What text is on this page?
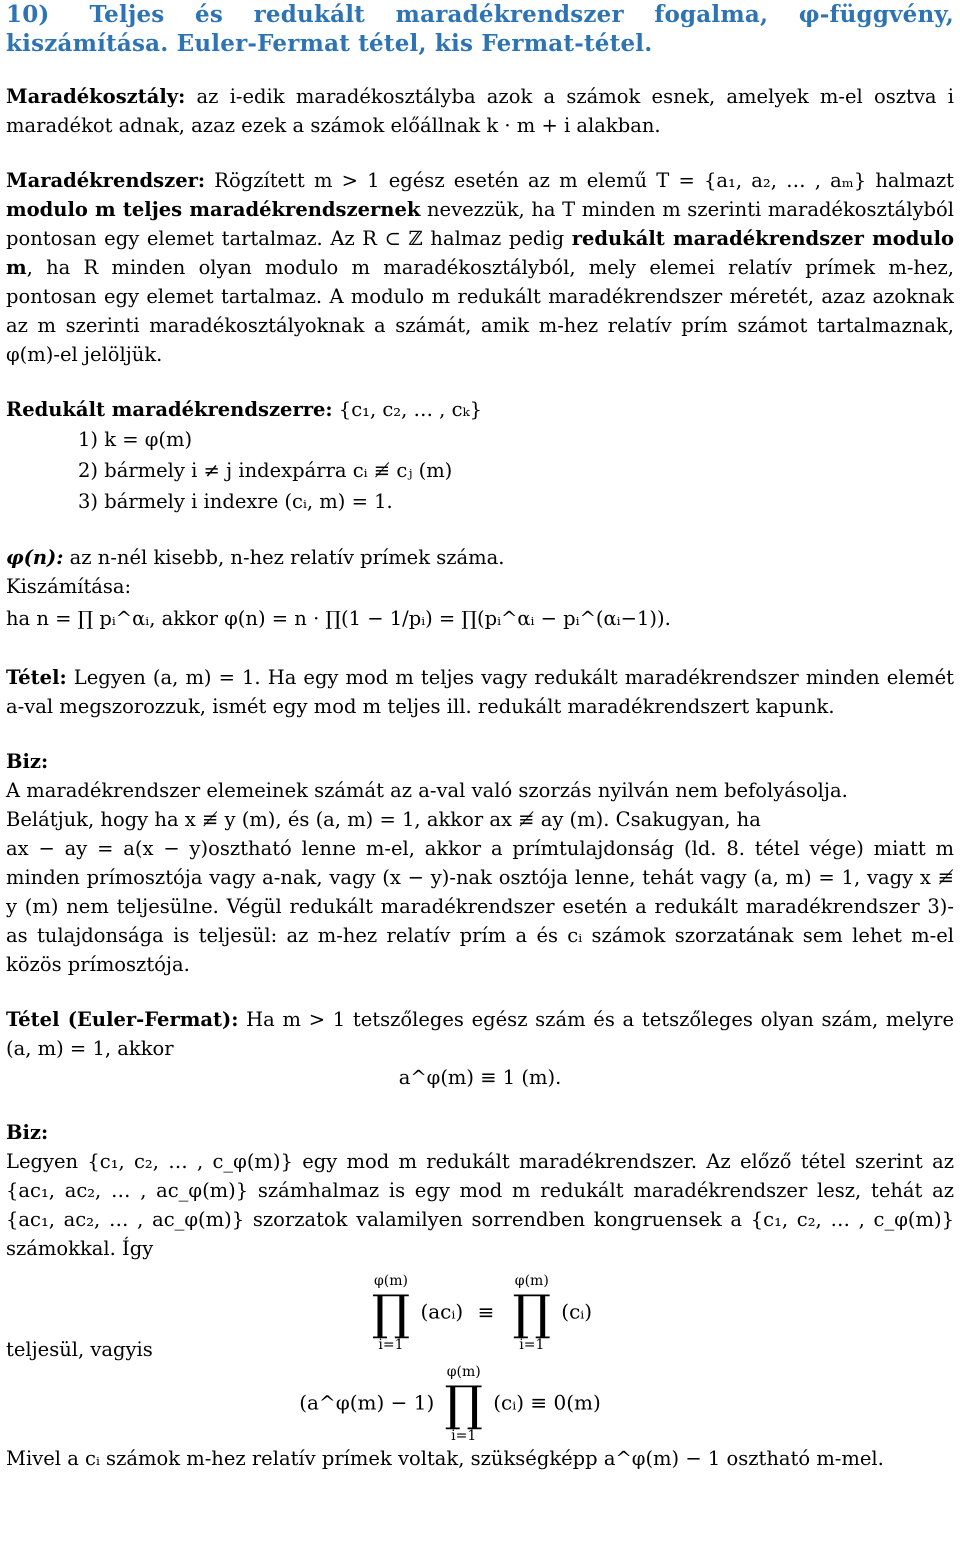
10) Teljes és redukált maradékrendszer fogalma, φ-függvény, kiszámítása. Euler-Fermat tétel, kis Fermat-tétel.

Maradékosztály: az i-edik maradékosztályba azok a számok esnek, amelyek m-el osztva i maradékot adnak, azaz ezek a számok előállnak k · m + i alakban.

Maradékrendszer: Rögzített m > 1 egész esetén az m elemű T = {a₁, a₂, … , aₘ} halmazt modulo m teljes maradékrendszernek nevezzük, ha T minden m szerinti maradékosztályból pontosan egy elemet tartalmaz. Az R ⊂ ℤ halmaz pedig redukált maradékrendszer modulo m, ha R minden olyan modulo m maradékosztályból, mely elemei relatív prímek m-hez, pontosan egy elemet tartalmaz. A modulo m redukált maradékrendszer méretét, azaz azoknak az m szerinti maradékosztályoknak a számát, amik m-hez relatív prím számot tartalmaznak, φ(m)-el jelöljük.

Redukált maradékrendszerre: {c₁, c₂, … , cₖ}

1) k = φ(m)
2) bármely i ≠ j indexpárra cᵢ ≢ cⱼ (m)
3) bármely i indexre (cᵢ, m) = 1.

φ(n): az n-nél kisebb, n-hez relatív prímek száma.

Kiszámítása:

ha n = ∏ pᵢ^αᵢ, akkor φ(n) = n · ∏(1 − 1/pᵢ) = ∏(pᵢ^αᵢ − pᵢ^(αᵢ−1)).

Tétel: Legyen (a, m) = 1. Ha egy mod m teljes vagy redukált maradékrendszer minden elemét a-val megszorozzuk, ismét egy mod m teljes ill. redukált maradékrendszert kapunk.

Biz:

A maradékrendszer elemeinek számát az a-val való szorzás nyilván nem befolyásolja.

Belátjuk, hogy ha x ≢ y (m), és (a, m) = 1, akkor ax ≢ ay (m). Csakugyan, ha

ax − ay = a(x − y)osztható lenne m-el, akkor a prímtulajdonság (ld. 8. tétel vége) miatt m minden prímosztója vagy a-nak, vagy (x − y)-nak osztója lenne, tehát vagy (a, m) = 1, vagy x ≢ y (m) nem teljesülne. Végül redukált maradékrendszer esetén a redukált maradékrendszer 3)-as tulajdonsága is teljesül: az m-hez relatív prím a és cᵢ számok szorzatának sem lehet m-el közös prímosztója.

Tétel (Euler-Fermat): Ha m > 1 tetszőleges egész szám és a tetszőleges olyan szám, melyre (a, m) = 1, akkor

a^φ(m) ≡ 1 (m).

Biz:

Legyen {c₁, c₂, … , c_φ(m)} egy mod m redukált maradékrendszer. Az előző tétel szerint az {ac₁, ac₂, … , ac_φ(m)} számhalmaz is egy mod m redukált maradékrendszer lesz, tehát az {ac₁, ac₂, … , ac_φ(m)} szorzatok valamilyen sorrendben kongruensek a {c₁, c₂, … , c_φ(m)} számokkal. Így

φ(m)
∏
i=1
(acᵢ) ≡
φ(m)
∏
i=1
(cᵢ)

teljesül, vagyis

(a^φ(m) − 1)
φ(m)
∏
i=1
(cᵢ) ≡ 0(m)

Mivel a cᵢ számok m-hez relatív prímek voltak, szükségképp a^φ(m) − 1 osztható m-mel.
